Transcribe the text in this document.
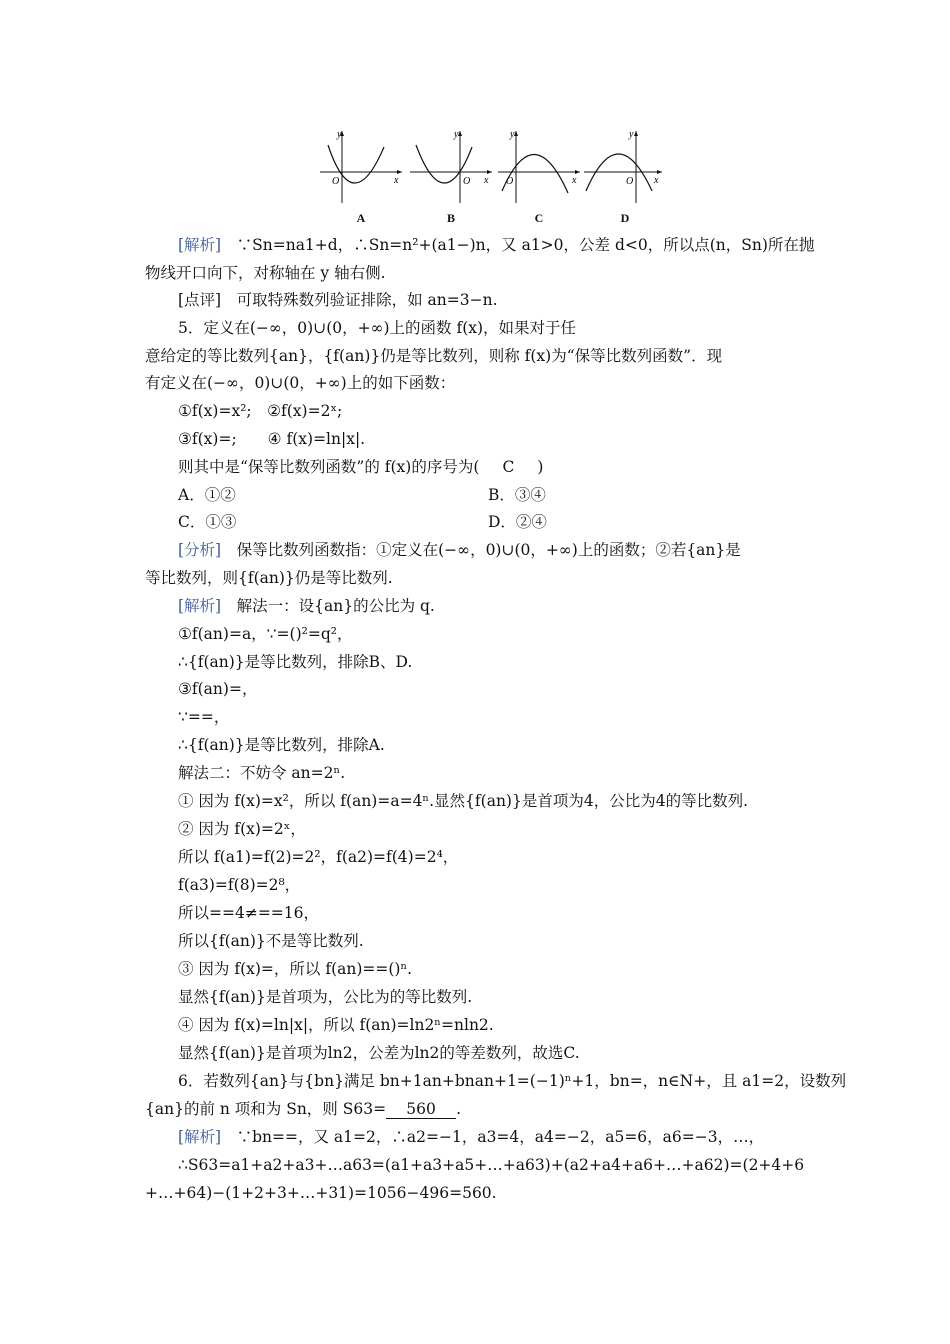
y
x
O
A
y
x
O
B
y
x
O
C
y
x
O
D
[解析]　 ∵Sn=na1+d，∴Sn=n²+(a1−)n，又 a1>0，公差 d<0，所以点(n，Sn)所在抛
物线开口向下，对称轴在 y 轴右侧.
[点评]　 可取特殊数列验证排除，如 an=3−n.
5．定义在(−∞，0)∪(0，+∞)上的函数 f(x)，如果对于任
意给定的等比数列{an}，{f(an)}仍是等比数列，则称 f(x)为“保等比数列函数”．现
有定义在(−∞，0)∪(0，+∞)上的如下函数：
①f(x)=x²;　②f(x)=2ˣ;
③f(x)=;　　④ f(x)=ln|x|.
则其中是“保等比数列函数”的 f(x)的序号为( C )
A．①②	B．③④
C．①③	D．②④
[分析]　 保等比数列函数指：①定义在(−∞，0)∪(0，+∞)上的函数；②若{an}是
等比数列，则{f(an)}仍是等比数列.
[解析]　 解法一：设{an}的公比为 q.
①f(an)=a，∵=()²=q²，
∴{f(an)}是等比数列，排除B、D.
③f(an)=，
∵==，
∴{f(an)}是等比数列，排除A.
解法二：不妨令 an=2ⁿ.
① 因为 f(x)=x²，所以 f(an)=a=4ⁿ.显然{f(an)}是首项为4，公比为4的等比数列.
② 因为 f(x)=2ˣ，
所以 f(a1)=f(2)=2²，f(a2)=f(4)=2⁴，
f(a3)=f(8)=2⁸，
所以==4≠==16，
所以{f(an)}不是等比数列.
③ 因为 f(x)=，所以 f(an)==()ⁿ.
显然{f(an)}是首项为，公比为的等比数列.
④ 因为 f(x)=ln|x|，所以 f(an)=ln2ⁿ=nln2.
显然{f(an)}是首项为ln2，公差为ln2的等差数列，故选C.
6．若数列{an}与{bn}满足 bn+1an+bnan+1=(−1)ⁿ+1，bn=，n∈N+，且 a1=2，设数列
{an}的前 n 项和为 Sn，则 S63= 560 .
[解析]　 ∵bn==，又 a1=2，∴a2=−1，a3=4，a4=−2，a5=6，a6=−3，…，
∴S63=a1+a2+a3+…a63=(a1+a3+a5+…+a63)+(a2+a4+a6+…+a62)=(2+4+6
+…+64)−(1+2+3+…+31)=1056−496=560.
